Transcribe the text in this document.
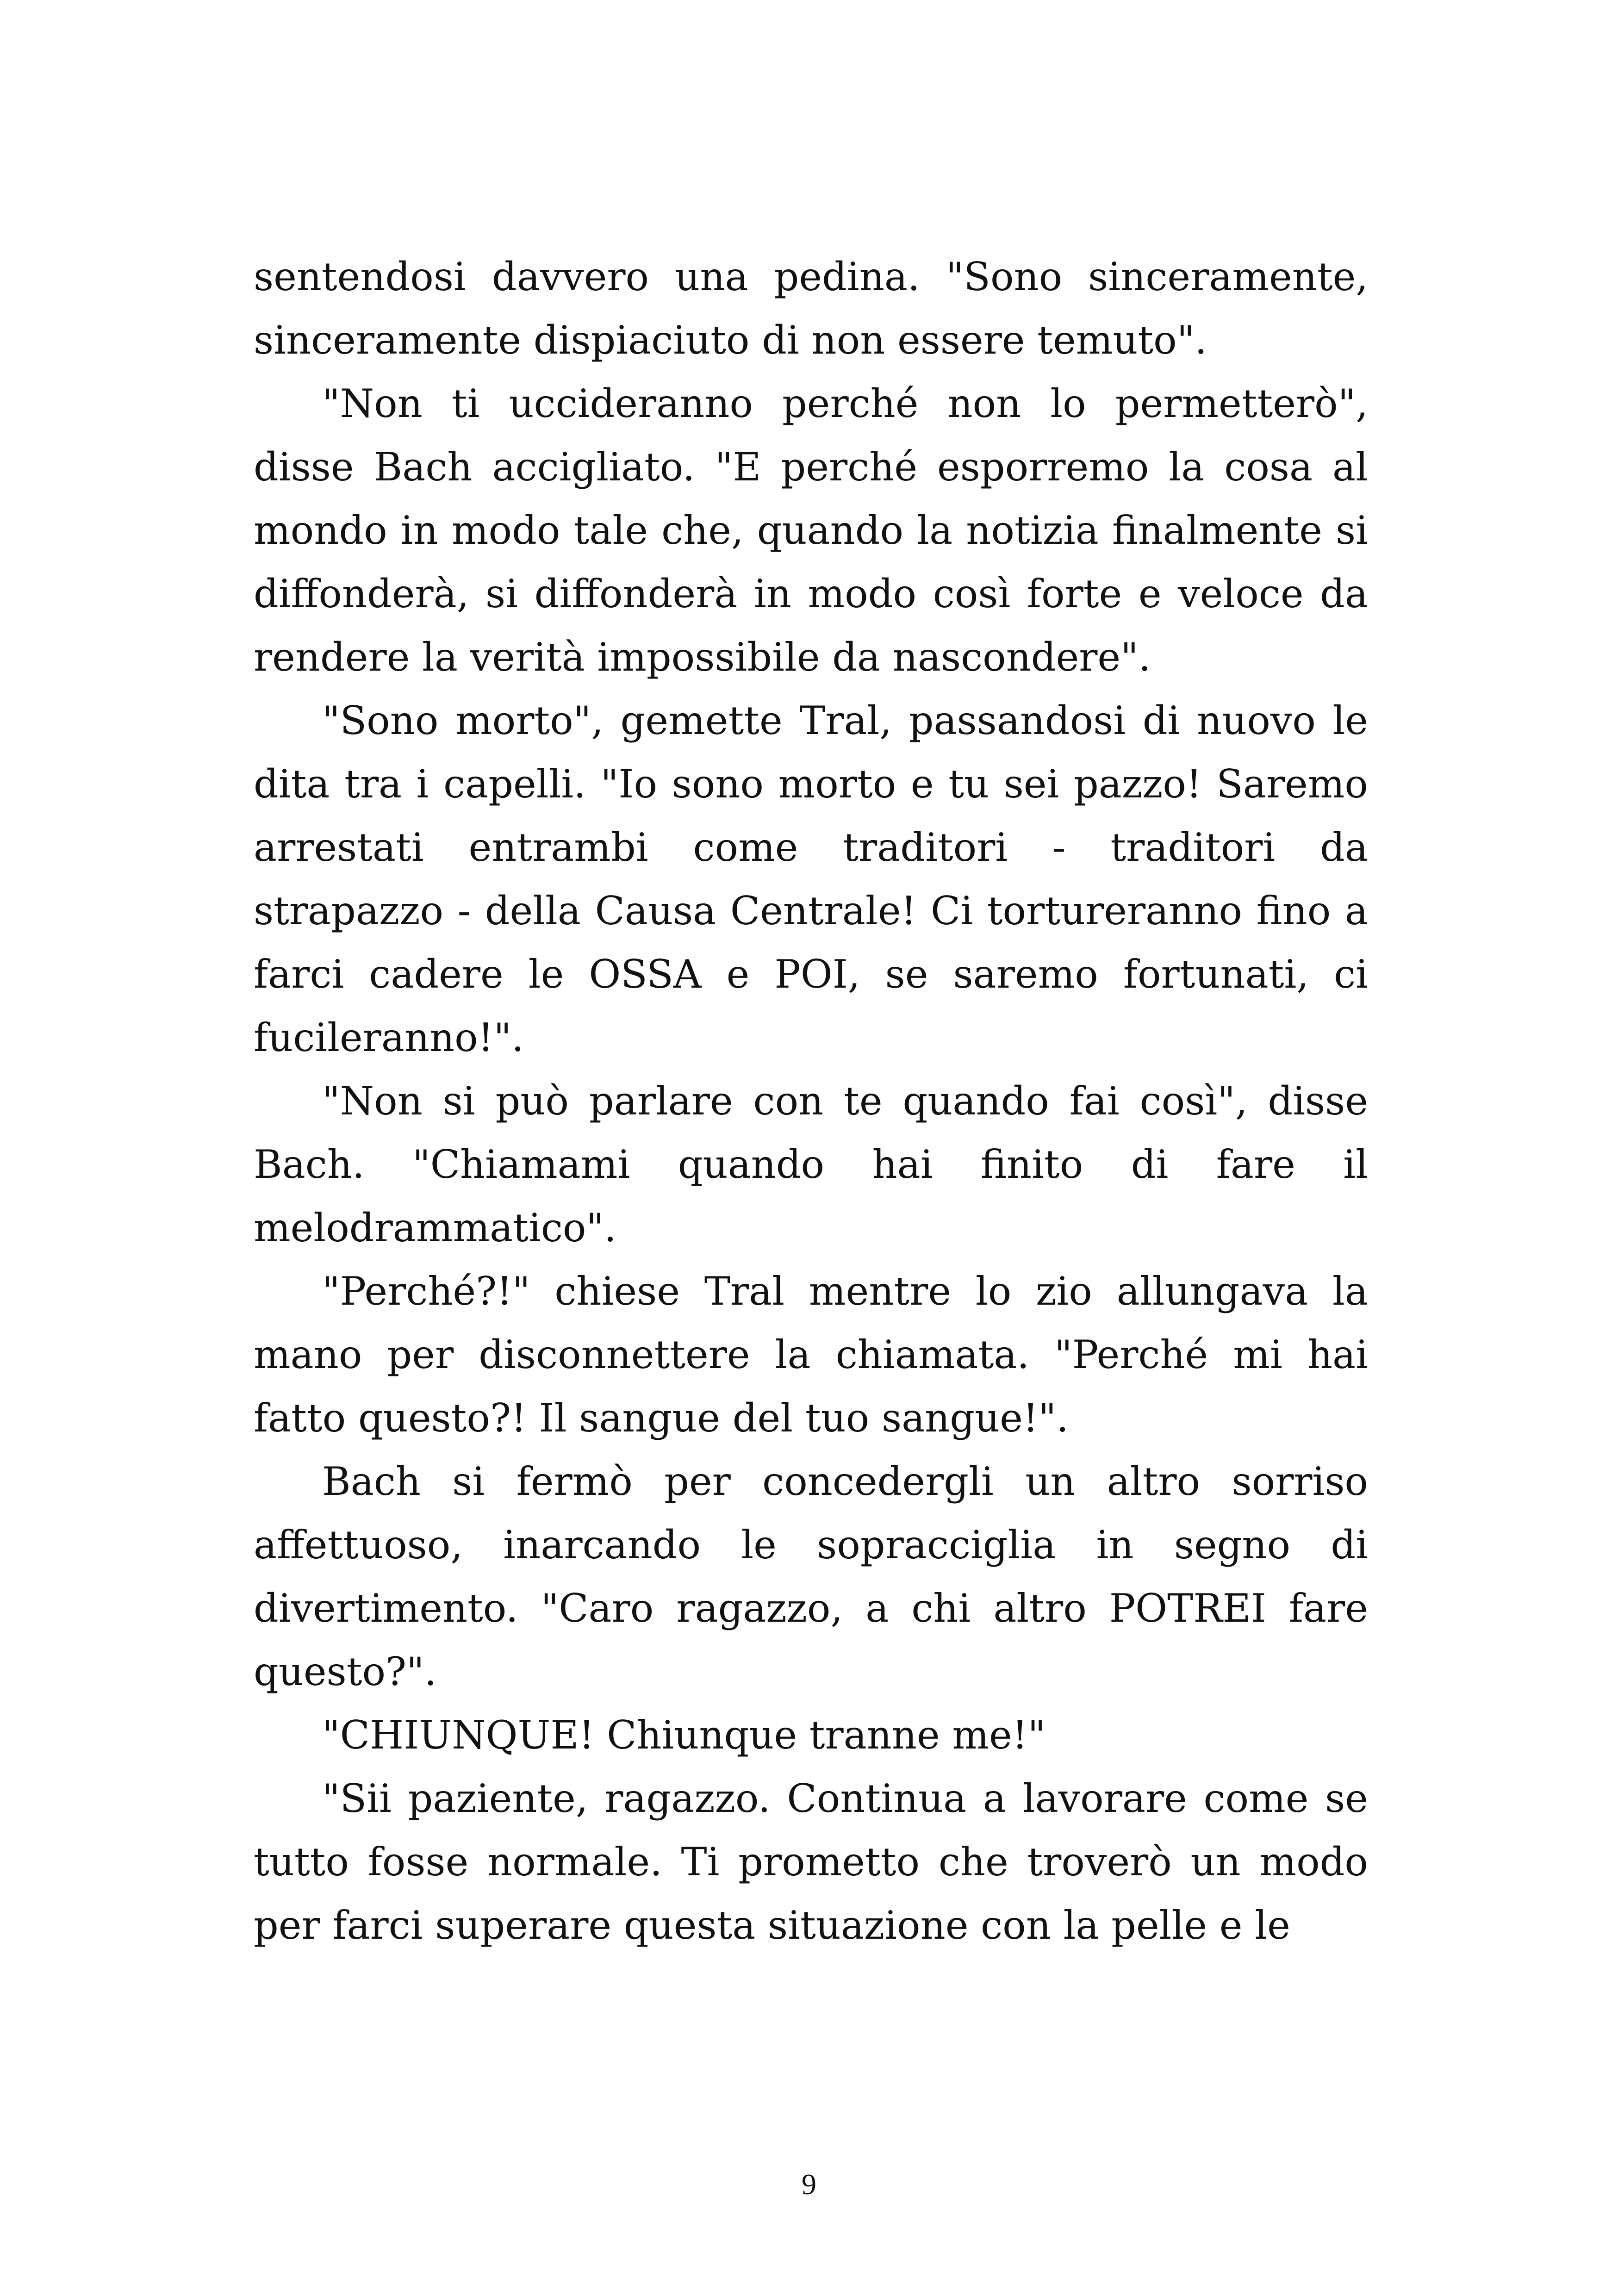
sentendosi davvero una pedina. "Sono sinceramente, sinceramente dispiaciuto di non essere temuto".

"Non ti uccideranno perché non lo permetterò", disse Bach accigliato. "E perché esporremo la cosa al mondo in modo tale che, quando la notizia finalmente si diffonderà, si diffonderà in modo così forte e veloce da rendere la verità impossibile da nascondere".

"Sono morto", gemette Tral, passandosi di nuovo le dita tra i capelli. "Io sono morto e tu sei pazzo! Saremo arrestati entrambi come traditori - traditori da strapazzo - della Causa Centrale! Ci tortureranno fino a farci cadere le OSSA e POI, se saremo fortunati, ci fucileranno!".

"Non si può parlare con te quando fai così", disse Bach. "Chiamami quando hai finito di fare il melodrammatico".

"Perché?!" chiese Tral mentre lo zio allungava la mano per disconnettere la chiamata. "Perché mi hai fatto questo?! Il sangue del tuo sangue!".

Bach si fermò per concedergli un altro sorriso affettuoso, inarcando le sopracciglia in segno di divertimento. "Caro ragazzo, a chi altro POTREI fare questo?".

"CHIUNQUE! Chiunque tranne me!"

"Sii paziente, ragazzo. Continua a lavorare come se tutto fosse normale. Ti prometto che troverò un modo per farci superare questa situazione con la pelle e le

9
